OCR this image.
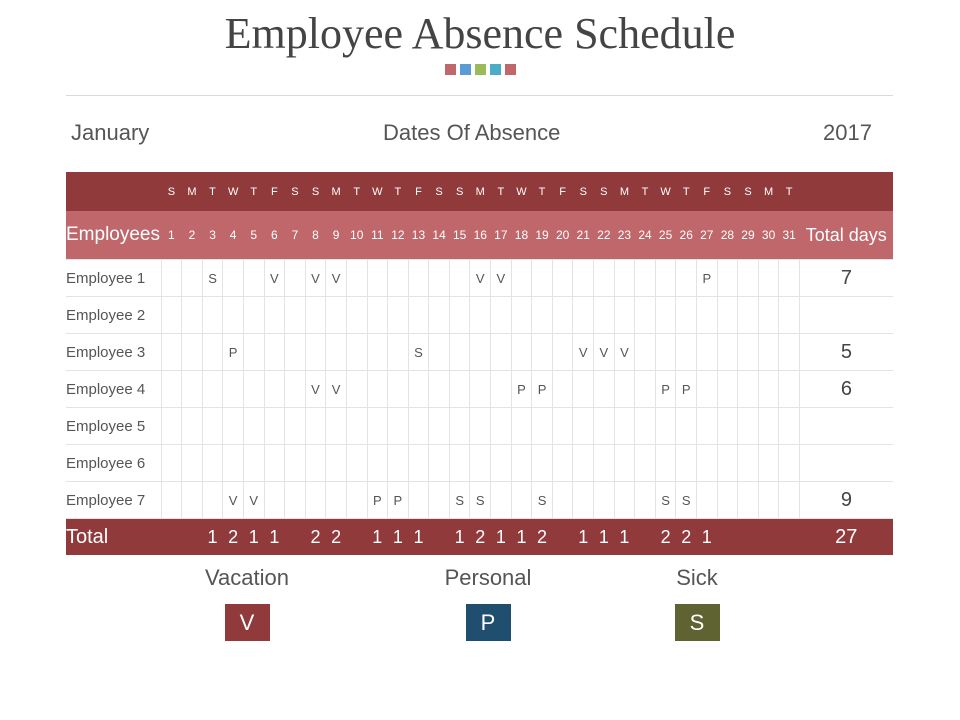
Employee Absence Schedule
January	Dates Of Absence	2017
	S	M	T	W	T	F	S	S	M	T	W	T	F	S	S	M	T	W	T	F	S	S	M	T	W	T	F	S	S	M	T	
Employees	1	2	3	4	5	6	7	8	9	10	11	12	13	14	15	16	17	18	19	20	21	22	23	24	25	26	27	28	29	30	31	Total days
Employee 1			S			V		V	V							V	V										P					7
Employee 2																																
Employee 3				P									S								V	V	V									5
Employee 4								V	V									P	P						P	P						6
Employee 5																																
Employee 6																																
Employee 7				V	V						P	P			S	S			S						S	S						9
Total			1	2	1	1		2	2		1	1	1		1	2	1	1	2		1	1	1		2	2	1					27
Vacation
V
Personal
P
Sick
S
